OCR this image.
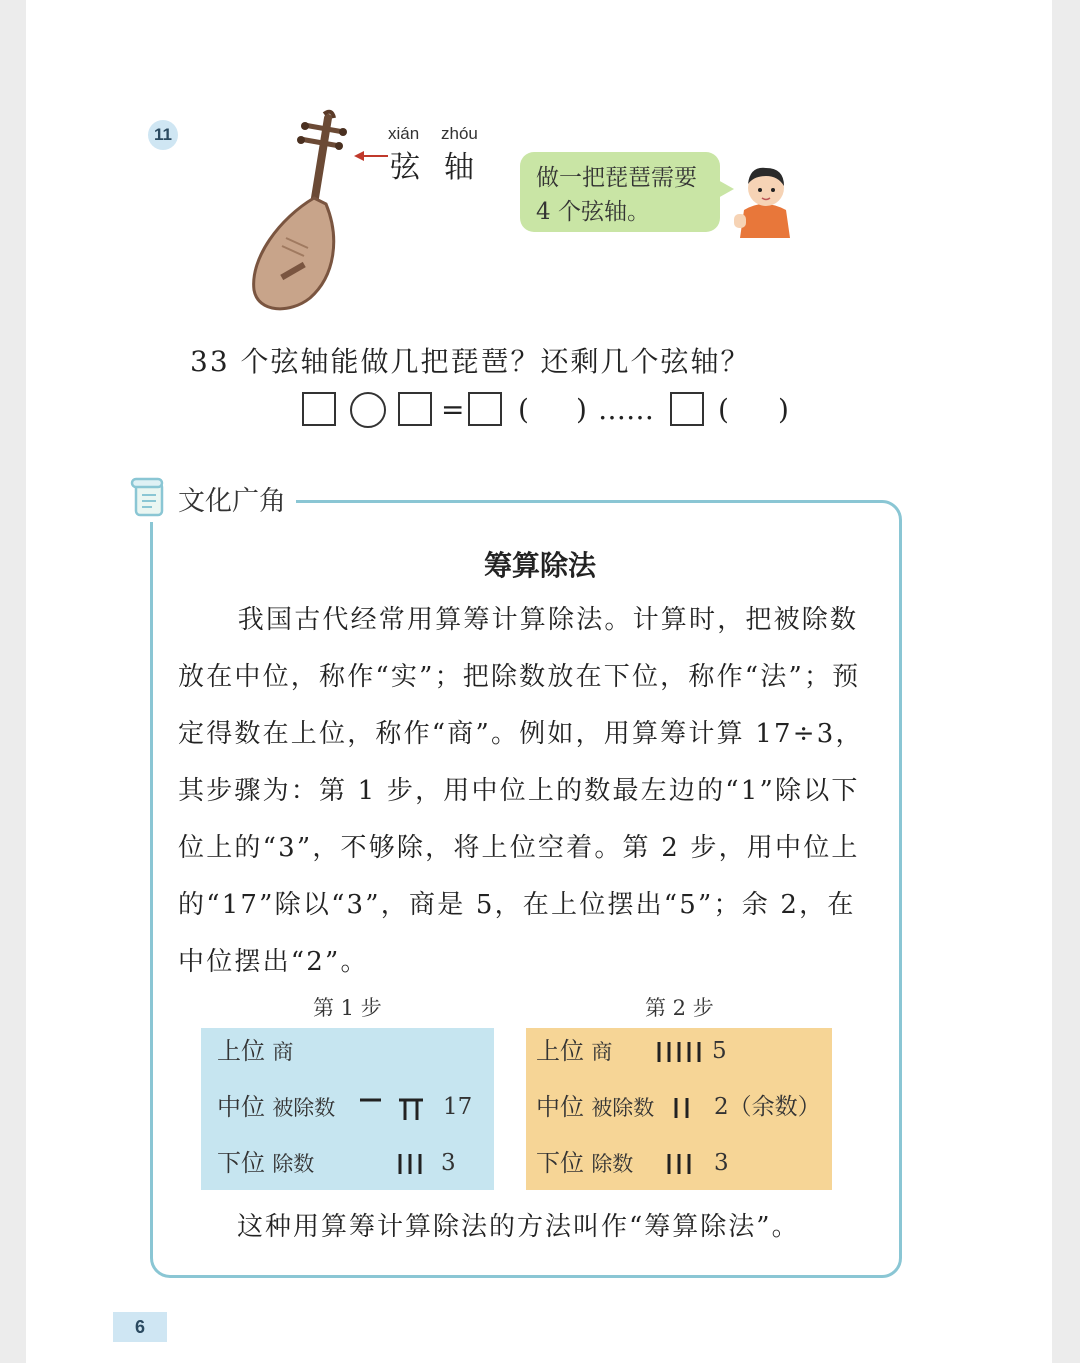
11	xián zhóu
弦 轴	做一把琵琶需要
4 个弦轴。
33 个弦轴能做几把琵琶？还剩几个弦轴？
= ( ) …… ( )
文化广角
筹算除法

我国古代经常用算筹计算除法。计算时，把被除数放在中位，称作“实”；把除数放在下位，称作“法”；预定得数在上位，称作“商”。例如，用算筹计算 17÷3，其步骤为：第 1 步，用中位上的数最左边的“1”除以下位上的“3”，不够除，将上位空着。第 2 步，用中位上的“17”除以“3”，商是 5，在上位摆出“5”；余 2，在中位摆出“2”。

第 1 步	第 2 步
上位 商
中位 被除数	17
下位 除数	3
上位 商	5
中位 被除数	2（余数）
下位 除数	3
这种用算筹计算除法的方法叫作“筹算除法”。
6
